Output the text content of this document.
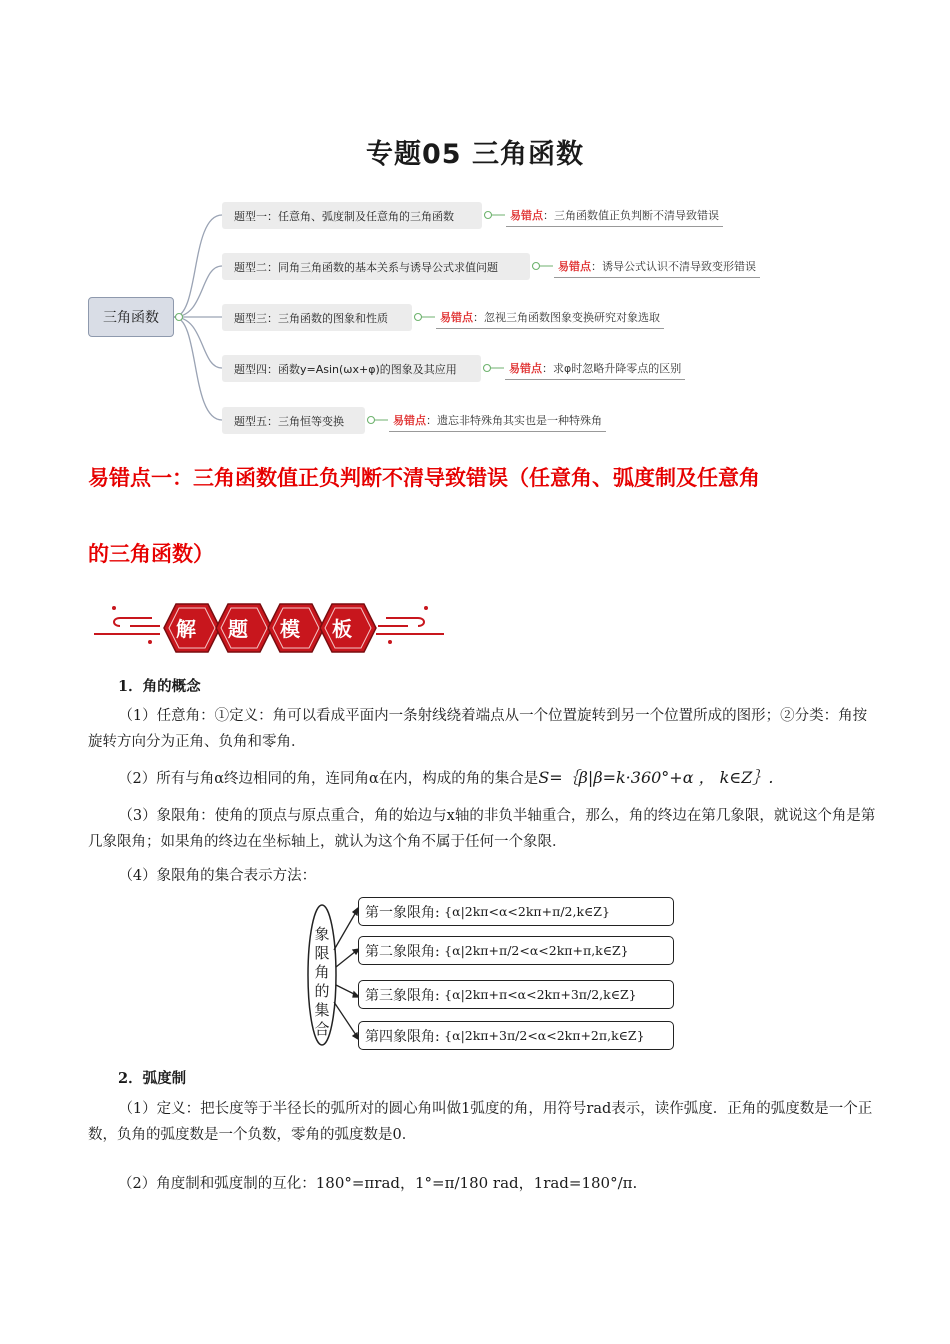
专题05 三角函数
三角函数
题型一：任意角、弧度制及任意角的三角函数
题型二：同角三角函数的基本关系与诱导公式求值问题
题型三：三角函数的图象和性质
题型四：函数y=Asin(ωx+φ)的图象及其应用
题型五：三角恒等变换
易错点：三角函数值正负判断不清导致错误
易错点：诱导公式认识不清导致变形错误
易错点：忽视三角函数图象变换研究对象选取
易错点：求φ时忽略升降零点的区别
易错点：遗忘非特殊角其实也是一种特殊角
易错点一：三角函数值正负判断不清导致错误（任意角、弧度制及任意角
的三角函数）
解 题 模 板
1．角的概念
（1）任意角：①定义：角可以看成平面内一条射线绕着端点从一个位置旋转到另一个位置所成的图形；②分类：角按旋转方向分为正角、负角和零角．
（2）所有与角α终边相同的角，连同角α在内，构成的角的集合是S=｛β|β=k·360°+α ， k∈Z｝.
（3）象限角：使角的顶点与原点重合，角的始边与x轴的非负半轴重合，那么，角的终边在第几象限，就说这个角是第几象限角；如果角的终边在坐标轴上，就认为这个角不属于任何一个象限．
（4）象限角的集合表示方法：
象限角的集合
第一象限角:
{α|2kπ<α<2kπ+π/2,k∈Z}
第二象限角:
{α|2kπ+π/2<α<2kπ+π,k∈Z}
第三象限角:
{α|2kπ+π<α<2kπ+3π/2,k∈Z}
第四象限角:
{α|2kπ+3π/2<α<2kπ+2π,k∈Z}
2．弧度制
（1）定义：把长度等于半径长的弧所对的圆心角叫做1弧度的角，用符号rad表示，读作弧度．正角的弧度数是一个正数，负角的弧度数是一个负数，零角的弧度数是0．
（2）角度制和弧度制的互化：180°=πrad，1°=π/180 rad，1rad=180°/π.
